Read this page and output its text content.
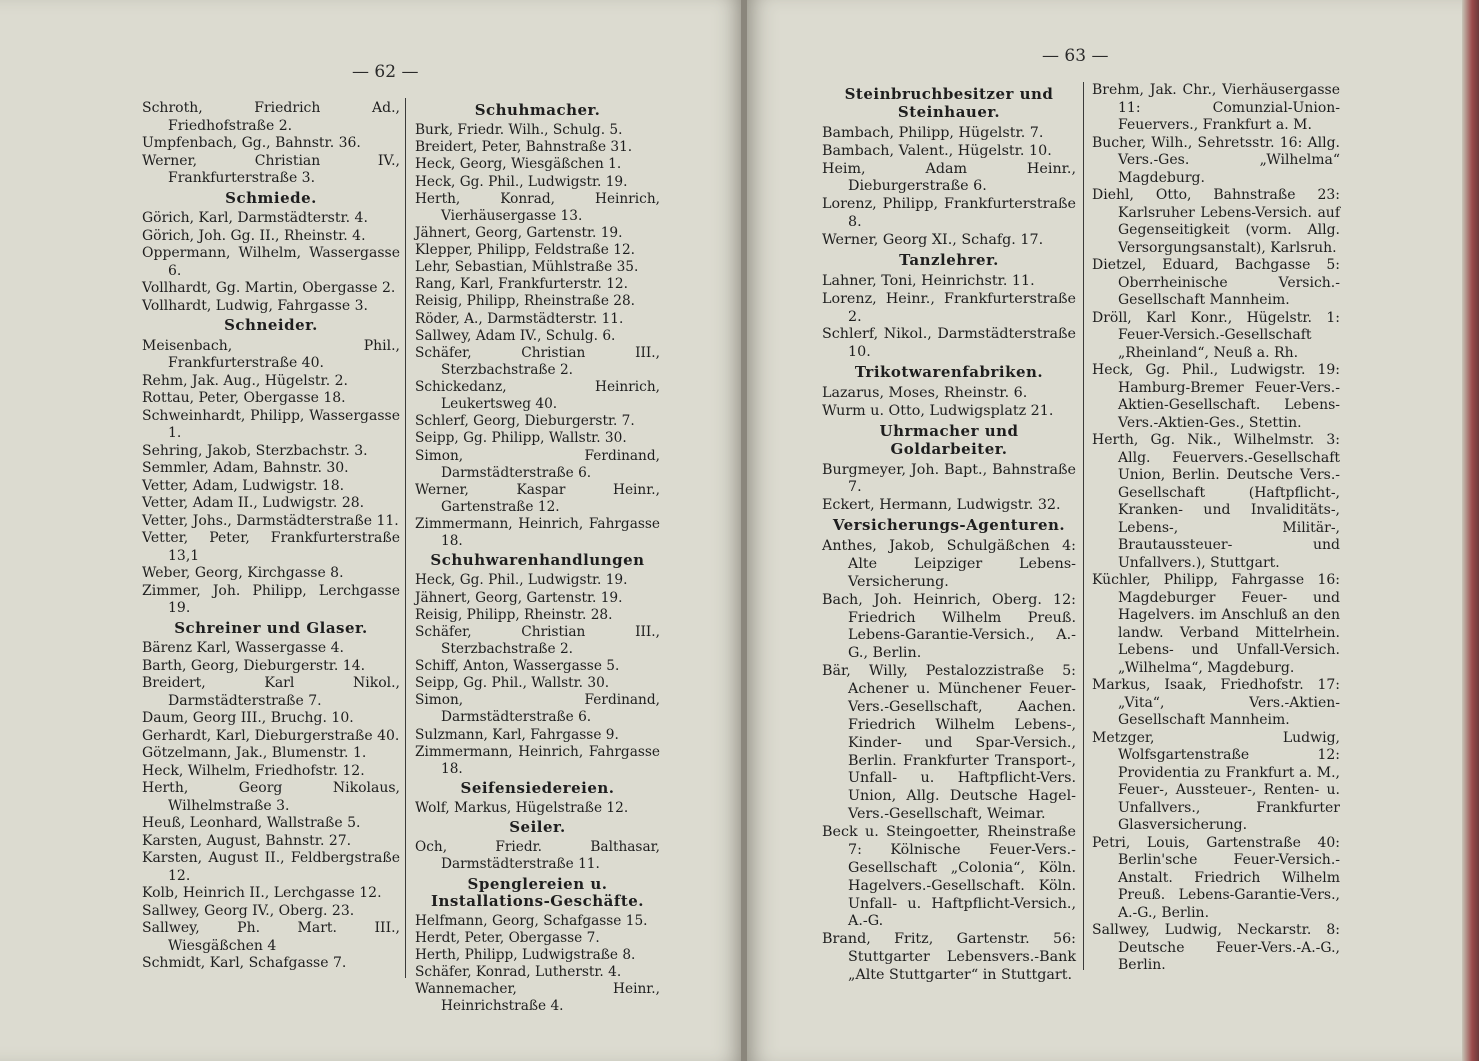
— 62 —
Schroth, Friedrich Ad., Friedhofstraße 2.
Umpfenbach, Gg., Bahnstr. 36.
Werner, Christian IV., Frankfurterstraße 3.
Schmiede.
Görich, Karl, Darmstädterstr. 4.
Görich, Joh. Gg. II., Rheinstr. 4.
Oppermann, Wilhelm, Wassergasse 6.
Vollhardt, Gg. Martin, Obergasse 2.
Vollhardt, Ludwig, Fahrgasse 3.
Schneider.
Meisenbach, Phil., Frankfurterstraße 40.
Rehm, Jak. Aug., Hügelstr. 2.
Rottau, Peter, Obergasse 18.
Schweinhardt, Philipp, Wassergasse 1.
Sehring, Jakob, Sterzbachstr. 3.
Semmler, Adam, Bahnstr. 30.
Vetter, Adam, Ludwigstr. 18.
Vetter, Adam II., Ludwigstr. 28.
Vetter, Johs., Darmstädterstraße 11.
Vetter, Peter, Frankfurterstraße 13,1
Weber, Georg, Kirchgasse 8.
Zimmer, Joh. Philipp, Lerchgasse 19.
Schreiner und Glaser.
Bärenz Karl, Wassergasse 4.
Barth, Georg, Dieburgerstr. 14.
Breidert, Karl Nikol., Darmstädterstraße 7.
Daum, Georg III., Bruchg. 10.
Gerhardt, Karl, Dieburgerstraße 40.
Götzelmann, Jak., Blumenstr. 1.
Heck, Wilhelm, Friedhofstr. 12.
Herth, Georg Nikolaus, Wilhelmstraße 3.
Heuß, Leonhard, Wallstraße 5.
Karsten, August, Bahnstr. 27.
Karsten, August II., Feldbergstraße 12.
Kolb, Heinrich II., Lerchgasse 12.
Sallwey, Georg IV., Oberg. 23.
Sallwey, Ph. Mart. III., Wiesgäßchen 4
Schmidt, Karl, Schafgasse 7.
Schuhmacher.
Burk, Friedr. Wilh., Schulg. 5.
Breidert, Peter, Bahnstraße 31.
Heck, Georg, Wiesgäßchen 1.
Heck, Gg. Phil., Ludwigstr. 19.
Herth, Konrad, Heinrich, Vierhäusergasse 13.
Jähnert, Georg, Gartenstr. 19.
Klepper, Philipp, Feldstraße 12.
Lehr, Sebastian, Mühlstraße 35.
Rang, Karl, Frankfurterstr. 12.
Reisig, Philipp, Rheinstraße 28.
Röder, A., Darmstädterstr. 11.
Sallwey, Adam IV., Schulg. 6.
Schäfer, Christian III., Sterzbachstraße 2.
Schickedanz, Heinrich, Leukertsweg 40.
Schlerf, Georg, Dieburgerstr. 7.
Seipp, Gg. Philipp, Wallstr. 30.
Simon, Ferdinand, Darmstädterstraße 6.
Werner, Kaspar Heinr., Gartenstraße 12.
Zimmermann, Heinrich, Fahrgasse 18.
Schuhwarenhandlungen
Heck, Gg. Phil., Ludwigstr. 19.
Jähnert, Georg, Gartenstr. 19.
Reisig, Philipp, Rheinstr. 28.
Schäfer, Christian III., Sterzbachstraße 2.
Schiff, Anton, Wassergasse 5.
Seipp, Gg. Phil., Wallstr. 30.
Simon, Ferdinand, Darmstädterstraße 6.
Sulzmann, Karl, Fahrgasse 9.
Zimmermann, Heinrich, Fahrgasse 18.
Seifensiedereien.
Wolf, Markus, Hügelstraße 12.
Seiler.
Och, Friedr. Balthasar, Darmstädterstraße 11.
Spenglereien u. Installations-Geschäfte.
Helfmann, Georg, Schafgasse 15.
Herdt, Peter, Obergasse 7.
Herth, Philipp, Ludwigstraße 8.
Schäfer, Konrad, Lutherstr. 4.
Wannemacher, Heinr., Heinrichstraße 4.
— 63 —
Steinbruchbesitzer und Steinhauer.
Bambach, Philipp, Hügelstr. 7.
Bambach, Valent., Hügelstr. 10.
Heim, Adam Heinr., Dieburgerstraße 6.
Lorenz, Philipp, Frankfurterstraße 8.
Werner, Georg XI., Schafg. 17.
Tanzlehrer.
Lahner, Toni, Heinrichstr. 11.
Lorenz, Heinr., Frankfurterstraße 2.
Schlerf, Nikol., Darmstädterstraße 10.
Trikotwarenfabriken.
Lazarus, Moses, Rheinstr. 6.
Wurm u. Otto, Ludwigsplatz 21.
Uhrmacher und Goldarbeiter.
Burgmeyer, Joh. Bapt., Bahnstraße 7.
Eckert, Hermann, Ludwigstr. 32.
Versicherungs-Agenturen.
Anthes, Jakob, Schulgäßchen 4: Alte Leipziger Lebens-Versicherung.
Bach, Joh. Heinrich, Oberg. 12: Friedrich Wilhelm Preuß. Lebens-Garantie-Versich., A.-G., Berlin.
Bär, Willy, Pestalozzistraße 5: Achener u. Münchener Feuer-Vers.-Gesellschaft, Aachen. Friedrich Wilhelm Lebens-, Kinder- und Spar-Versich., Berlin. Frankfurter Transport-, Unfall- u. Haftpflicht-Vers. Union, Allg. Deutsche Hagel-Vers.-Gesellschaft, Weimar.
Beck u. Steingoetter, Rheinstraße 7: Kölnische Feuer-Vers.-Gesellschaft „Colonia“, Köln. Hagelvers.-Gesellschaft. Köln. Unfall- u. Haftpflicht-Versich., A.-G.
Brand, Fritz, Gartenstr. 56: Stuttgarter Lebensvers.-Bank „Alte Stuttgarter“ in Stuttgart.
Brehm, Jak. Chr., Vierhäusergasse 11: Comunzial-Union-Feuervers., Frankfurt a. M.
Bucher, Wilh., Sehretsstr. 16: Allg. Vers.-Ges. „Wilhelma“ Magdeburg.
Diehl, Otto, Bahnstraße 23: Karlsruher Lebens-Versich. auf Gegenseitigkeit (vorm. Allg. Versorgungsanstalt), Karlsruh.
Dietzel, Eduard, Bachgasse 5: Oberrheinische Versich.-Gesellschaft Mannheim.
Dröll, Karl Konr., Hügelstr. 1: Feuer-Versich.-Gesellschaft „Rheinland“, Neuß a. Rh.
Heck, Gg. Phil., Ludwigstr. 19: Hamburg-Bremer Feuer-Vers.-Aktien-Gesellschaft. Lebens-Vers.-Aktien-Ges., Stettin.
Herth, Gg. Nik., Wilhelmstr. 3: Allg. Feuervers.-Gesellschaft Union, Berlin. Deutsche Vers.-Gesellschaft (Haftpflicht-, Kranken- und Invaliditäts-, Lebens-, Militär-, Brautaussteuer- und Unfallvers.), Stuttgart.
Küchler, Philipp, Fahrgasse 16: Magdeburger Feuer- und Hagelvers. im Anschluß an den landw. Verband Mittelrhein. Lebens- und Unfall-Versich. „Wilhelma“, Magdeburg.
Markus, Isaak, Friedhofstr. 17: „Vita“, Vers.-Aktien-Gesellschaft Mannheim.
Metzger, Ludwig, Wolfsgartenstraße 12: Providentia zu Frankfurt a. M., Feuer-, Aussteuer-, Renten- u. Unfallvers., Frankfurter Glasversicherung.
Petri, Louis, Gartenstraße 40: Berlin'sche Feuer-Versich.-Anstalt. Friedrich Wilhelm Preuß. Lebens-Garantie-Vers., A.-G., Berlin.
Sallwey, Ludwig, Neckarstr. 8: Deutsche Feuer-Vers.-A.-G., Berlin.
